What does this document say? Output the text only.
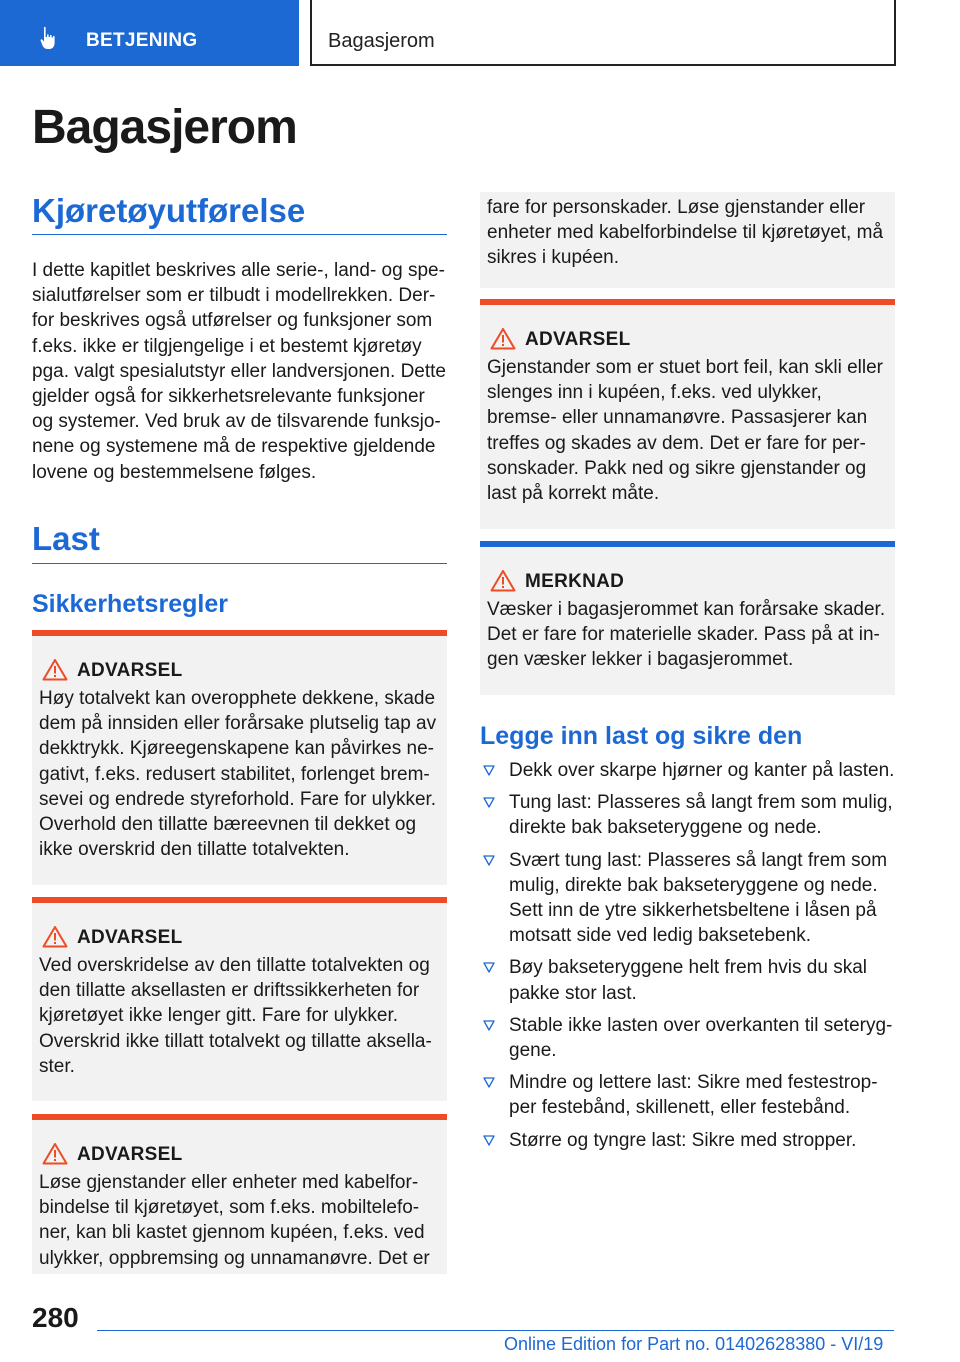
BETJENING	Bagasjerom
Bagasjerom
Kjøretøyutførelse
I dette kapitlet beskrives alle serie-, land- og spe-
sialutførelser som er tilbudt i modellrekken. Der-
for beskrives også utførelser og funksjoner som
f.eks. ikke er tilgjengelige i et bestemt kjøretøy
pga. valgt spesialutstyr eller landversjonen. Dette
gjelder også for sikkerhetsrelevante funksjoner
og systemer. Ved bruk av de tilsvarende funksjo-
nene og systemene må de respektive gjeldende
lovene og bestemmelsene følges.
Last
Sikkerhetsregler
ADVARSEL
Høy totalvekt kan overopphete dekkene, skade
dem på innsiden eller forårsake plutselig tap av
dekktrykk. Kjøreegenskapene kan påvirkes ne-
gativt, f.eks. redusert stabilitet, forlenget brem-
sevei og endrede styreforhold. Fare for ulykker.
Overhold den tillatte bæreevnen til dekket og
ikke overskrid den tillatte totalvekten.
ADVARSEL
Ved overskridelse av den tillatte totalvekten og
den tillatte aksellasten er driftssikkerheten for
kjøretøyet ikke lenger gitt. Fare for ulykker.
Overskrid ikke tillatt totalvekt og tillatte aksella-
ster.
ADVARSEL
Løse gjenstander eller enheter med kabelfor-
bindelse til kjøretøyet, som f.eks. mobiltelefo-
ner, kan bli kastet gjennom kupéen, f.eks. ved
ulykker, oppbremsing og unnamanøvre. Det er
fare for personskader. Løse gjenstander eller
enheter med kabelforbindelse til kjøretøyet, må
sikres i kupéen.
ADVARSEL
Gjenstander som er stuet bort feil, kan skli eller
slenges inn i kupéen, f.eks. ved ulykker,
bremse- eller unnamanøvre. Passasjerer kan
treffes og skades av dem. Det er fare for per-
sonskader. Pakk ned og sikre gjenstander og
last på korrekt måte.
MERKNAD
Væsker i bagasjerommet kan forårsake skader.
Det er fare for materielle skader. Pass på at in-
gen væsker lekker i bagasjerommet.
Legge inn last og sikre den
Dekk over skarpe hjørner og kanter på lasten.
Tung last: Plasseres så langt frem som mulig,
direkte bak bakseteryggene og nede.
Svært tung last: Plasseres så langt frem som
mulig, direkte bak bakseteryggene og nede.
Sett inn de ytre sikkerhetsbeltene i låsen på
motsatt side ved ledig baksetebenk.
Bøy bakseteryggene helt frem hvis du skal
pakke stor last.
Stable ikke lasten over overkanten til seteryg-
gene.
Mindre og lettere last: Sikre med festestrop-
per festebånd, skillenett, eller festebånd.
Større og tyngre last: Sikre med stropper.
280
Online Edition for Part no. 01402628380 - VI/19
